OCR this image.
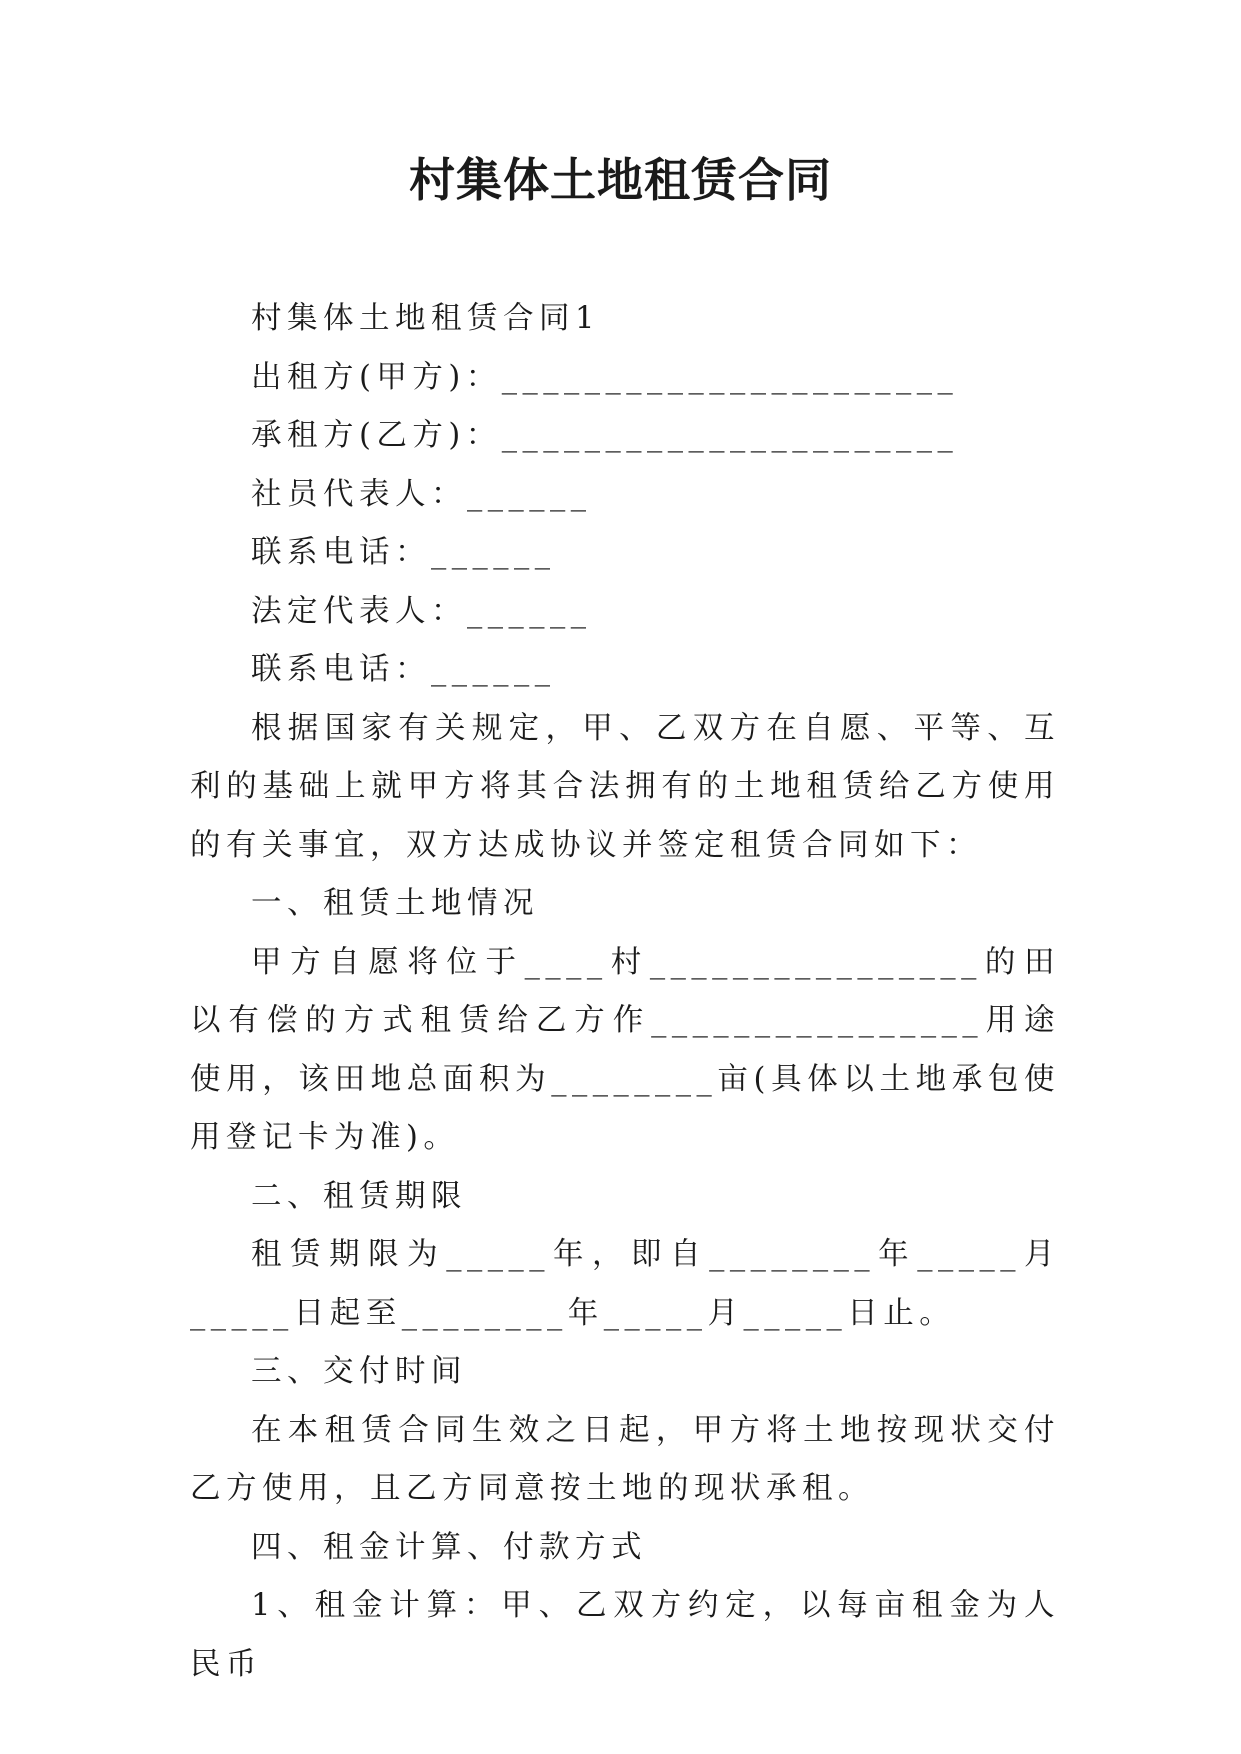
村集体土地租赁合同

村集体土地租赁合同1

出租方(甲方)：______________________

承租方(乙方)：______________________

社员代表人：______

联系电话：______

法定代表人：______

联系电话：______

根据国家有关规定，甲、乙双方在自愿、平等、互利的基础上就甲方将其合法拥有的土地租赁给乙方使用的有关事宜，双方达成协议并签定租赁合同如下：

一、租赁土地情况

甲方自愿将位于____村________________的田以有偿的方式租赁给乙方作________________用途使用，该田地总面积为________亩(具体以土地承包使用登记卡为准)。

二、租赁期限

租赁期限为_____年，即自________年_____月_____日起至________年_____月_____日止。

三、交付时间

在本租赁合同生效之日起，甲方将土地按现状交付乙方使用，且乙方同意按土地的现状承租。

四、租金计算、付款方式

1、租金计算：甲、乙双方约定，以每亩租金为人民币
